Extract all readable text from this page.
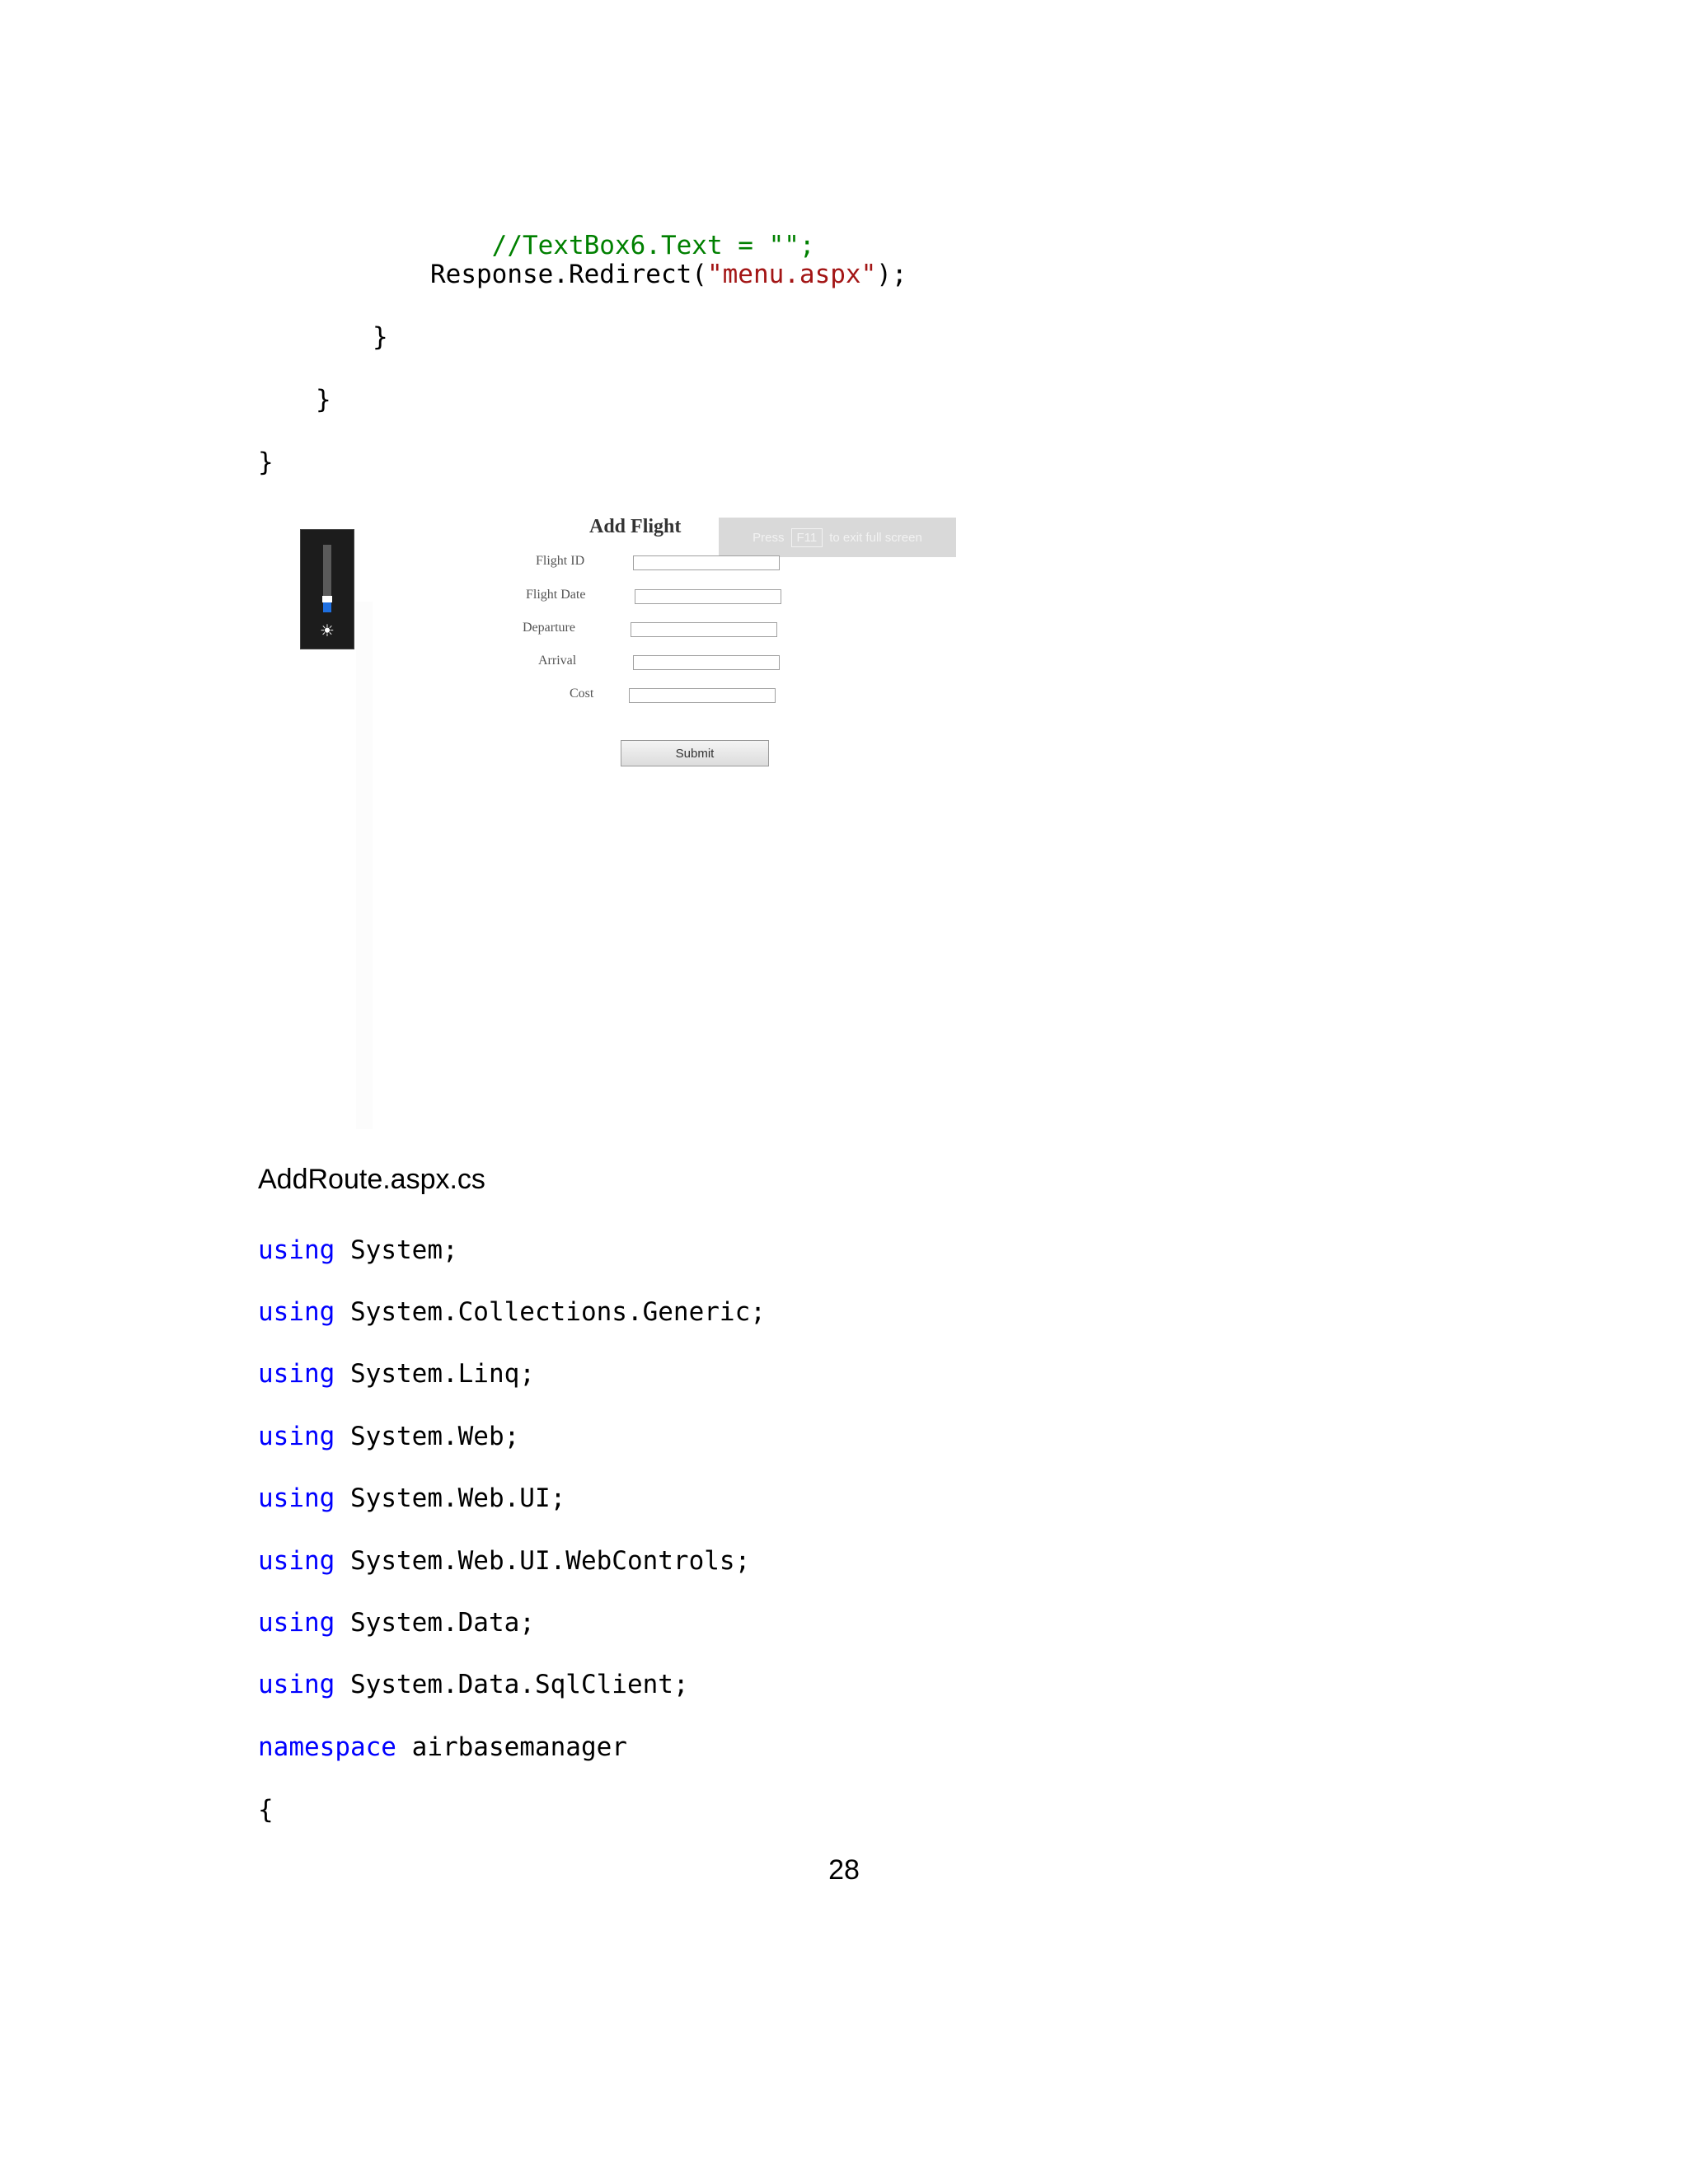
//TextBox6.Text = "";

Response.Redirect("menu.aspx");
}
}
}
☀
Press	F11	to exit full screen
Add Flight
Flight ID
Flight Date
Departure
Arrival
Cost
Submit
AddRoute.aspx.cs
using System;
using System.Collections.Generic;
using System.Linq;
using System.Web;
using System.Web.UI;
using System.Web.UI.WebControls;
using System.Data;
using System.Data.SqlClient;
namespace airbasemanager
{
28
